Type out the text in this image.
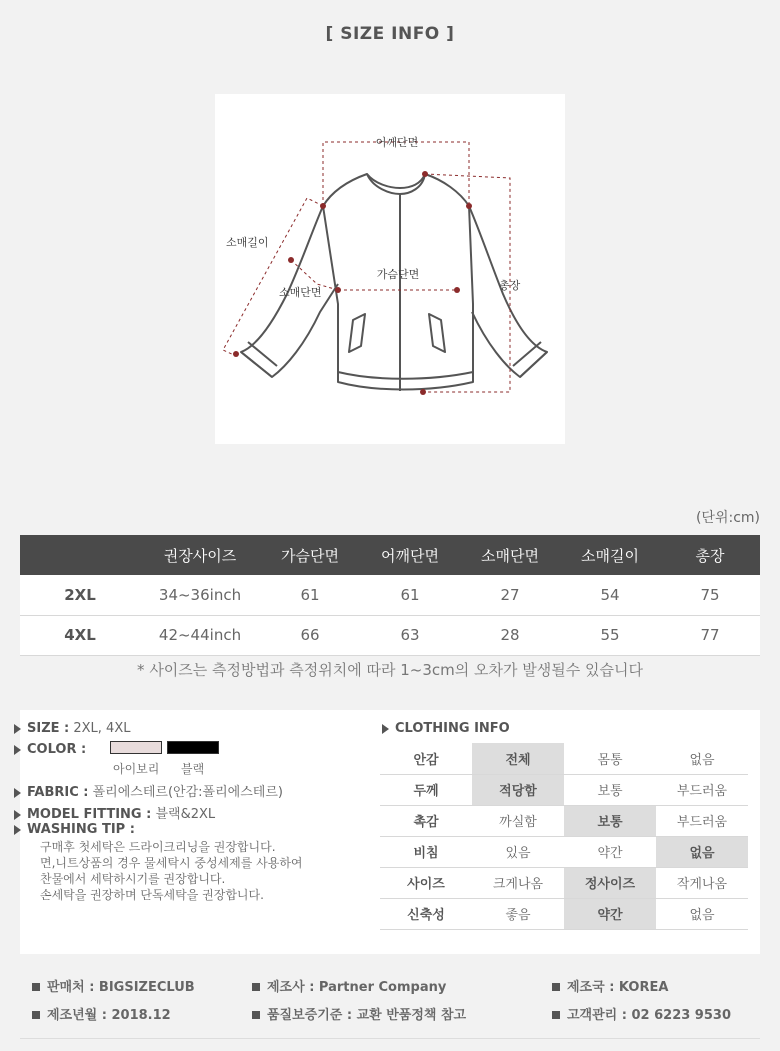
[ SIZE INFO ]
어깨단면
소매길이
가슴단면
소매단면
총장
(단위:cm)
	권장사이즈	가슴단면	어깨단면	소매단면	소매길이	총장
2XL	34~36inch	61	61	27	54	75
4XL	42~44inch	66	63	28	55	77
* 사이즈는 측정방법과 측정위치에 따라 1~3cm의 오차가 발생될수 있습니다
SIZE : 2XL, 4XL
COLOR :
아이보리 블랙
FABRIC : 폴리에스테르(안감:폴리에스테르)
MODEL FITTING : 블랙&2XL
WASHING TIP :
구매후 첫세탁은 드라이크리닝을 권장합니다.
면,니트상품의 경우 물세탁시 중성세제를 사용하여
찬물에서 세탁하시기를 권장합니다.
손세탁을 권장하며 단독세탁을 권장합니다.
CLOTHING INFO
안감	전체	몸통	없음
두께	적당함	보통	부드러움
촉감	까실함	보통	부드러움
비침	있음	약간	없음
사이즈	크게나옴	정사이즈	작게나옴
신축성	좋음	약간	없음
판매처 : BIGSIZECLUB	제조사 : Partner Company	제조국 : KOREA
제조년월 : 2018.12	품질보증기준 : 교환 반품정책 참고	고객관리 : 02 6223 9530
